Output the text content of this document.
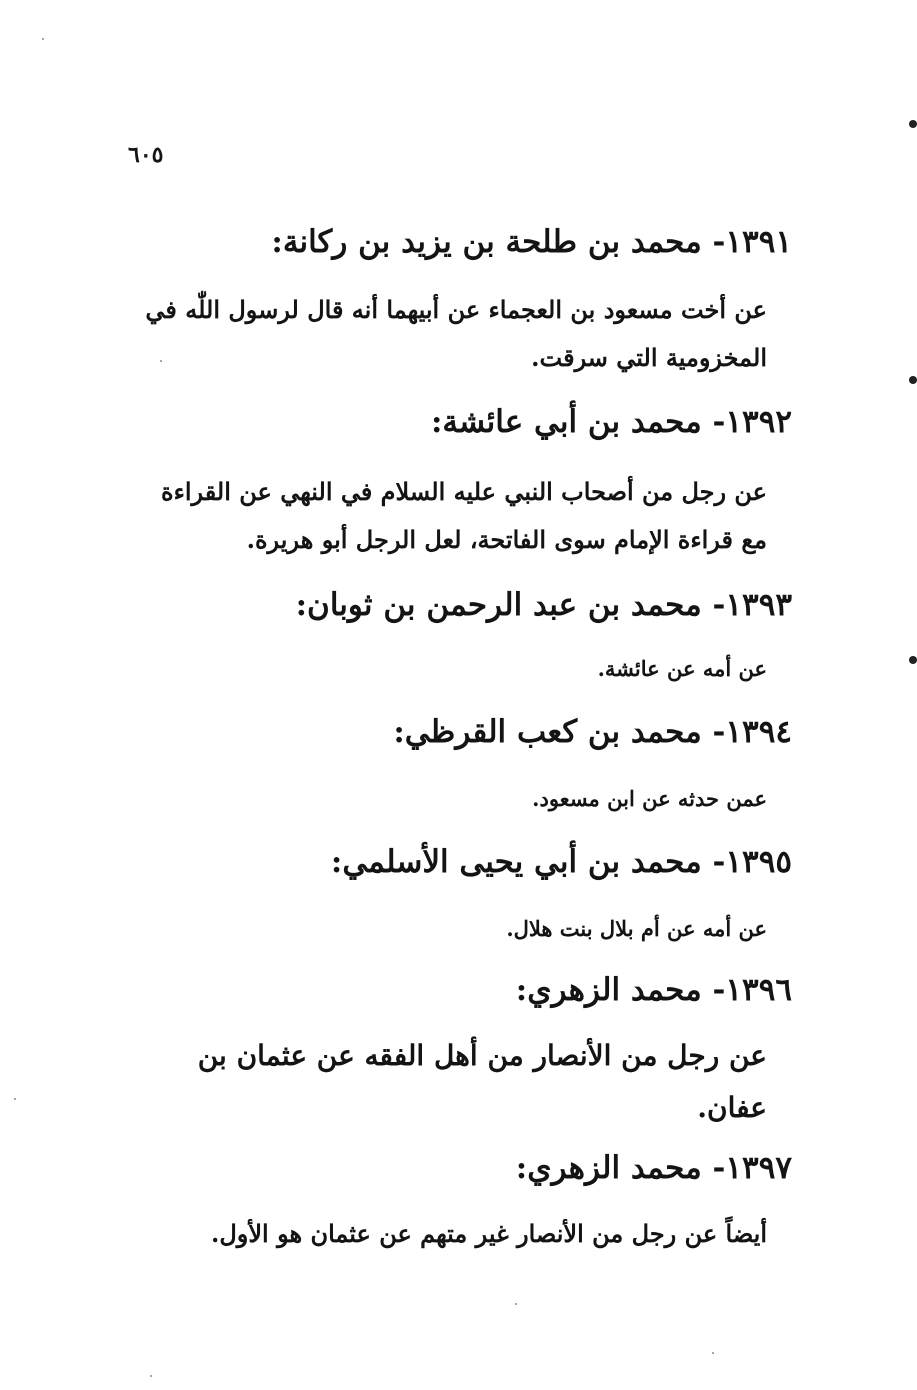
٦٠٥
١٣٩١- محمد بن طلحة بن يزيد بن ركانة:
عن أخت مسعود بن العجماء عن أبيهما أنه قال لرسول اللّٰه في المخزومية التي سرقت.
١٣٩٢- محمد بن أبي عائشة:
عن رجل من أصحاب النبي عليه السلام في النهي عن القراءة مع قراءة الإمام سوى الفاتحة، لعل الرجل أبو هريرة.
١٣٩٣- محمد بن عبد الرحمن بن ثوبان:
عن أمه عن عائشة.
١٣٩٤- محمد بن كعب القرظي:
عمن حدثه عن ابن مسعود.
١٣٩٥- محمد بن أبي يحيى الأسلمي:
عن أمه عن أم بلال بنت هلال.
١٣٩٦- محمد الزهري:
عن رجل من الأنصار من أهل الفقه عن عثمان بن عفان.
١٣٩٧- محمد الزهري:
أيضاً عن رجل من الأنصار غير متهم عن عثمان هو الأول.
